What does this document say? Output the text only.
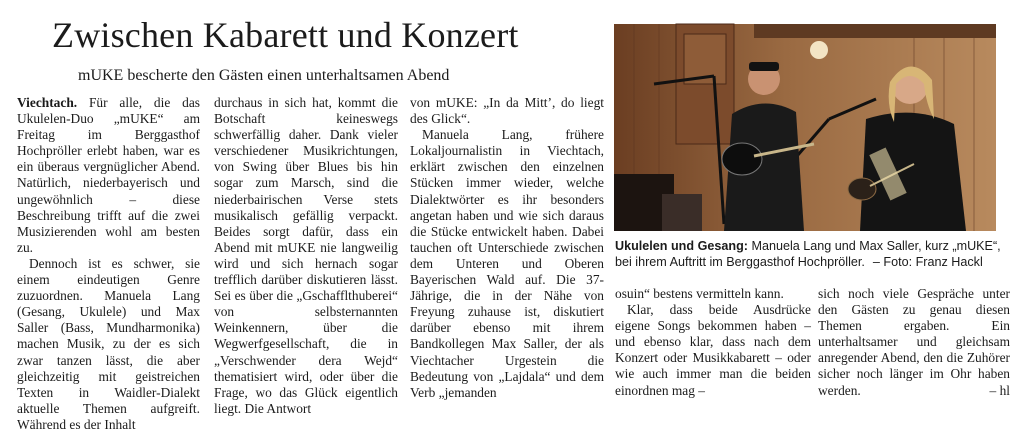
Zwischen Kabarett und Konzert
mUKE bescherte den Gästen einen unterhaltsamen Abend

Viechtach. Für alle, die das Ukulelen-Duo „mUKE“ am Freitag im Berggasthof Hochpröller erlebt haben, war es ein überaus vergnüglicher Abend. Natürlich, niederbayerisch und ungewöhnlich – diese Beschreibung trifft auf die zwei Musizierenden wohl am besten zu.

Dennoch ist es schwer, sie einem eindeutigen Genre zuzuordnen. Manuela Lang (Gesang, Ukulele) und Max Saller (Bass, Mundharmonika) machen Musik, zu der es sich zwar tanzen lässt, die aber gleichzeitig mit geistreichen Texten in Waidler-Dialekt aktuelle Themen aufgreift. Während es der Inhalt

durchaus in sich hat, kommt die Botschaft keineswegs schwerfällig daher. Dank vieler verschiedener Musikrichtungen, von Swing über Blues bis hin sogar zum Marsch, sind die niederbairischen Verse stets musikalisch gefällig verpackt. Beides sorgt dafür, dass ein Abend mit mUKE nie langweilig wird und sich hernach sogar trefflich darüber diskutieren lässt. Sei es über die „Gschafflthuberei“ von selbsternannten Weinkennern, über die Wegwerfgesellschaft, die in „Verschwender dera Wejd“ thematisiert wird, oder über die Frage, wo das Glück eigentlich liegt. Die Antwort

von mUKE: „In da Mitt’, do liegt des Glick“.

Manuela Lang, frühere Lokaljournalistin in Viechtach, erklärt zwischen den einzelnen Stücken immer wieder, welche Dialektwörter es ihr besonders angetan haben und wie sich daraus die Stücke entwickelt haben. Dabei tauchen oft Unterschiede zwischen dem Unteren und Oberen Bayerischen Wald auf. Die 37-Jährige, die in der Nähe von Freyung zuhause ist, diskutiert darüber ebenso mit ihrem Bandkollegen Max Saller, der als Viechtacher Urgestein die Bedeutung von „Lajdala“ und dem Verb „jemanden

Ukulelen und Gesang: Manuela Lang und Max Saller, kurz „mUKE“,
bei ihrem Auftritt im Berggasthof Hochpröller. – Foto: Franz Hackl

osuin“ bestens vermitteln kann.

Klar, dass beide Ausdrücke eigene Songs bekommen haben – und ebenso klar, dass nach dem Konzert oder Musikkabarett – oder wie auch immer man die beiden einordnen mag –

sich noch viele Gespräche unter den Gästen zu genau diesen Themen ergaben. Ein unterhaltsamer und gleichsam anregender Abend, den die Zuhörer sicher noch länger im Ohr haben werden.	– hl
